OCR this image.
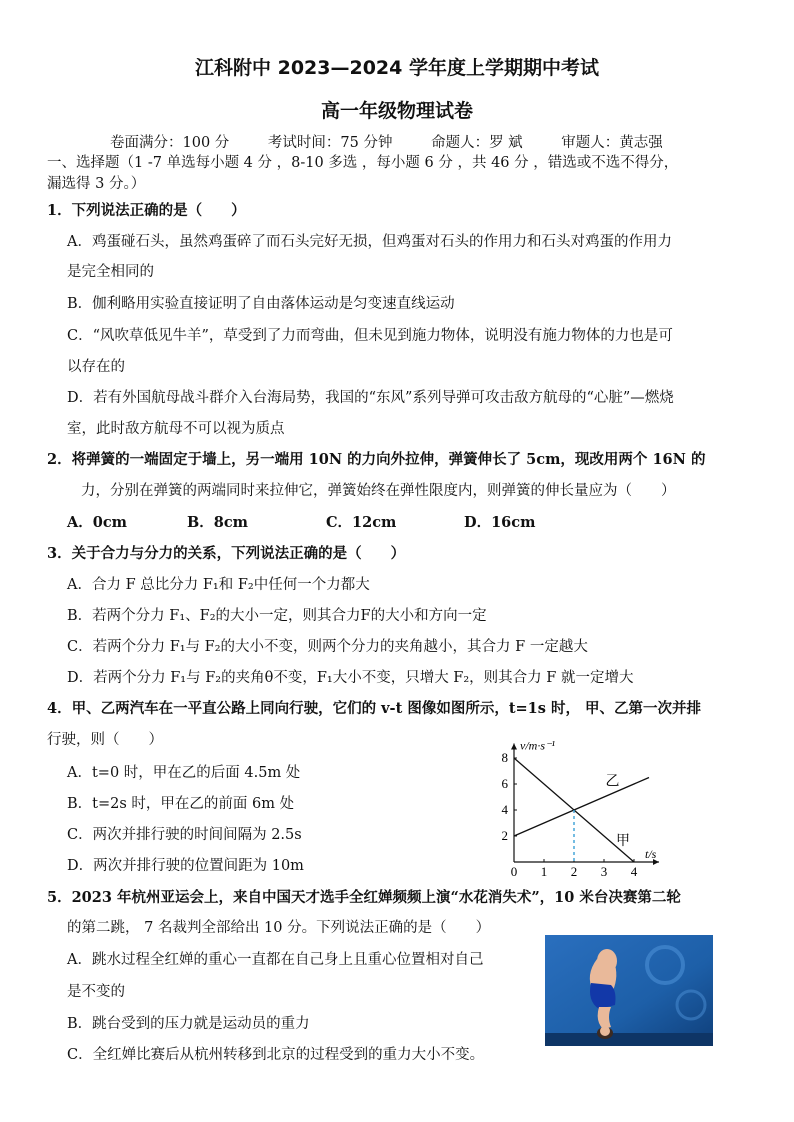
江科附中 2023—2024 学年度上学期期中考试
高一年级物理试卷
卷面满分：100 分	考试时间：75 分钟	命题人：罗 斌	审题人：黄志强
一、选择题（1 -7 单选每小题 4 分 ，8-10 多选 ，每小题 6 分 ，共 46 分 ，错选或不选不得分，
漏选得 3 分。）
1．下列说法正确的是（　　）
A．鸡蛋碰石头，虽然鸡蛋碎了而石头完好无损，但鸡蛋对石头的作用力和石头对鸡蛋的作用力
是完全相同的
B．伽利略用实验直接证明了自由落体运动是匀变速直线运动
C．“风吹草低见牛羊”，草受到了力而弯曲，但未见到施力物体，说明没有施力物体的力也是可
以存在的
D．若有外国航母战斗群介入台海局势，我国的“东风”系列导弹可攻击敌方航母的“心脏”—燃烧
室，此时敌方航母不可以视为质点
2．将弹簧的一端固定于墙上，另一端用 10N 的力向外拉伸，弹簧伸长了 5cm，现改用两个 16N 的
力，分别在弹簧的两端同时来拉伸它，弹簧始终在弹性限度内，则弹簧的伸长量应为（　　）
A．0cm	B．8cm	C．12cm	D．16cm
3．关于合力与分力的关系，下列说法正确的是（　　）
A．合力 F 总比分力 F₁和 F₂中任何一个力都大
B．若两个分力 F₁、F₂的大小一定，则其合力F的大小和方向一定
C．若两个分力 F₁与 F₂的大小不变，则两个分力的夹角越小，其合力 F 一定越大
D．若两个分力 F₁与 F₂的夹角θ不变，F₁大小不变，只增大 F₂，则其合力 F 就一定增大
4．甲、乙两汽车在一平直公路上同向行驶，它们的 v-t 图像如图所示，t=1s 时， 甲、乙第一次并排
行驶，则（　　）
A．t=0 时，甲在乙的后面 4.5m 处
B．t=2s 时，甲在乙的前面 6m 处
C．两次并排行驶的时间间隔为 2.5s
D．两次并排行驶的位置间距为 10m	0 1 2 3 4
2
4
6
8
v/m·s⁻¹
t/s
甲
乙
5．2023 年杭州亚运会上，来自中国天才选手全红婵频频上演“水花消失术”，10 米台决赛第二轮
的第二跳， 7 名裁判全部给出 10 分。下列说法正确的是（　　）
A．跳水过程全红婵的重心一直都在自己身上且重心位置相对自己
是不变的
B．跳台受到的压力就是运动员的重力
C．全红婵比赛后从杭州转移到北京的过程受到的重力大小不变。
